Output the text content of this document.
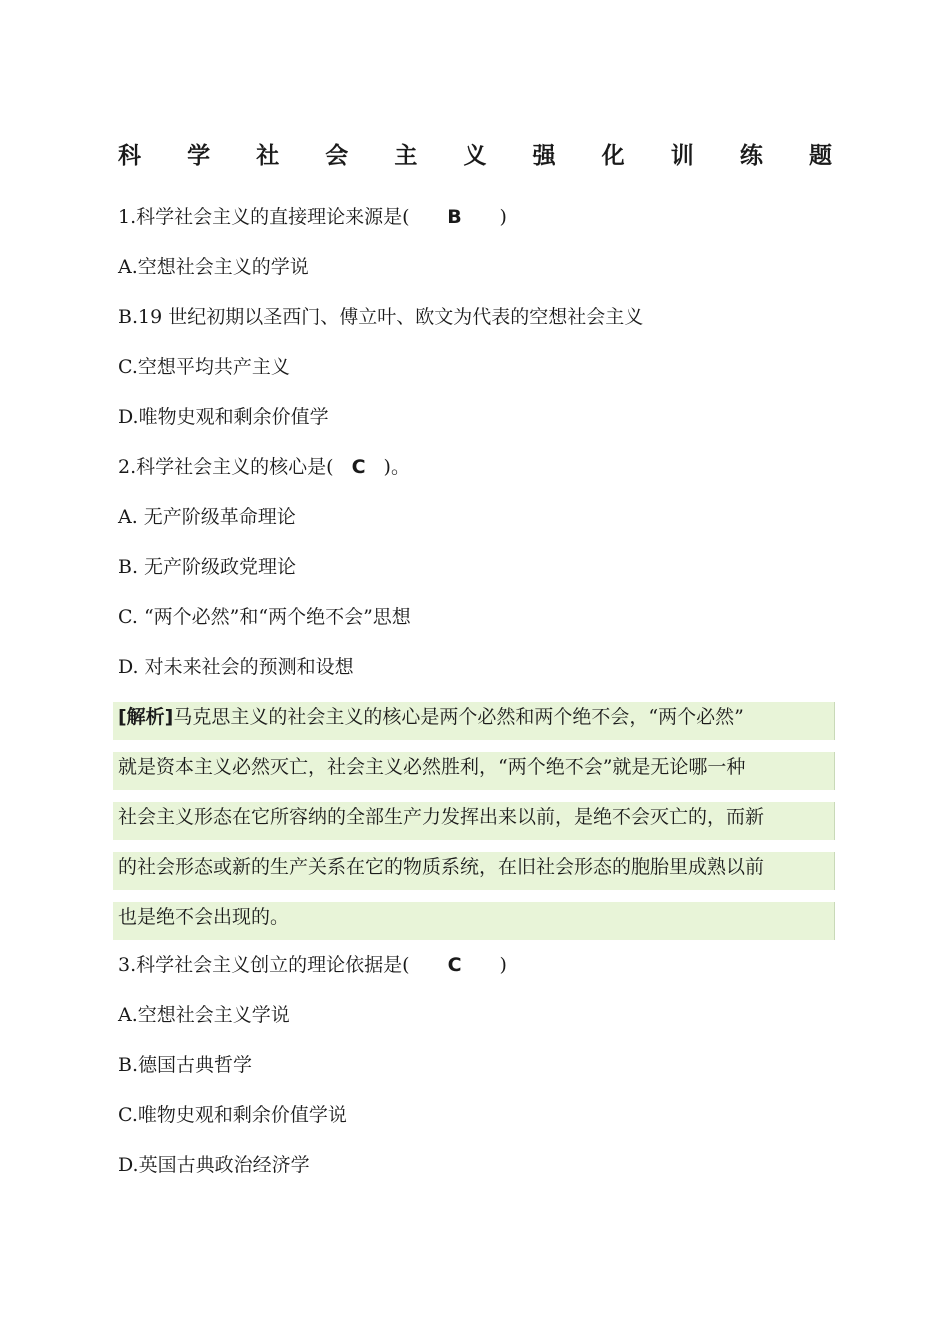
科 学 社 会 主 义 强 化 训 练 题
1.科学社会主义的直接理论来源是( B )
A.空想社会主义的学说
B.19 世纪初期以圣西门、傅立叶、欧文为代表的空想社会主义
C.空想平均共产主义
D.唯物史观和剩余价值学
2.科学社会主义的核心是( C )。
A. 无产阶级革命理论
B. 无产阶级政党理论
C. “两个必然”和“两个绝不会”思想
D. 对未来社会的预测和设想
[解析]马克思主义的社会主义的核心是两个必然和两个绝不会，“两个必然”
就是资本主义必然灭亡，社会主义必然胜利，“两个绝不会”就是无论哪一种
社会主义形态在它所容纳的全部生产力发挥出来以前，是绝不会灭亡的，而新
的社会形态或新的生产关系在它的物质系统，在旧社会形态的胞胎里成熟以前
也是绝不会出现的。
3.科学社会主义创立的理论依据是( C )
A.空想社会主义学说
B.德国古典哲学
C.唯物史观和剩余价值学说
D.英国古典政治经济学
